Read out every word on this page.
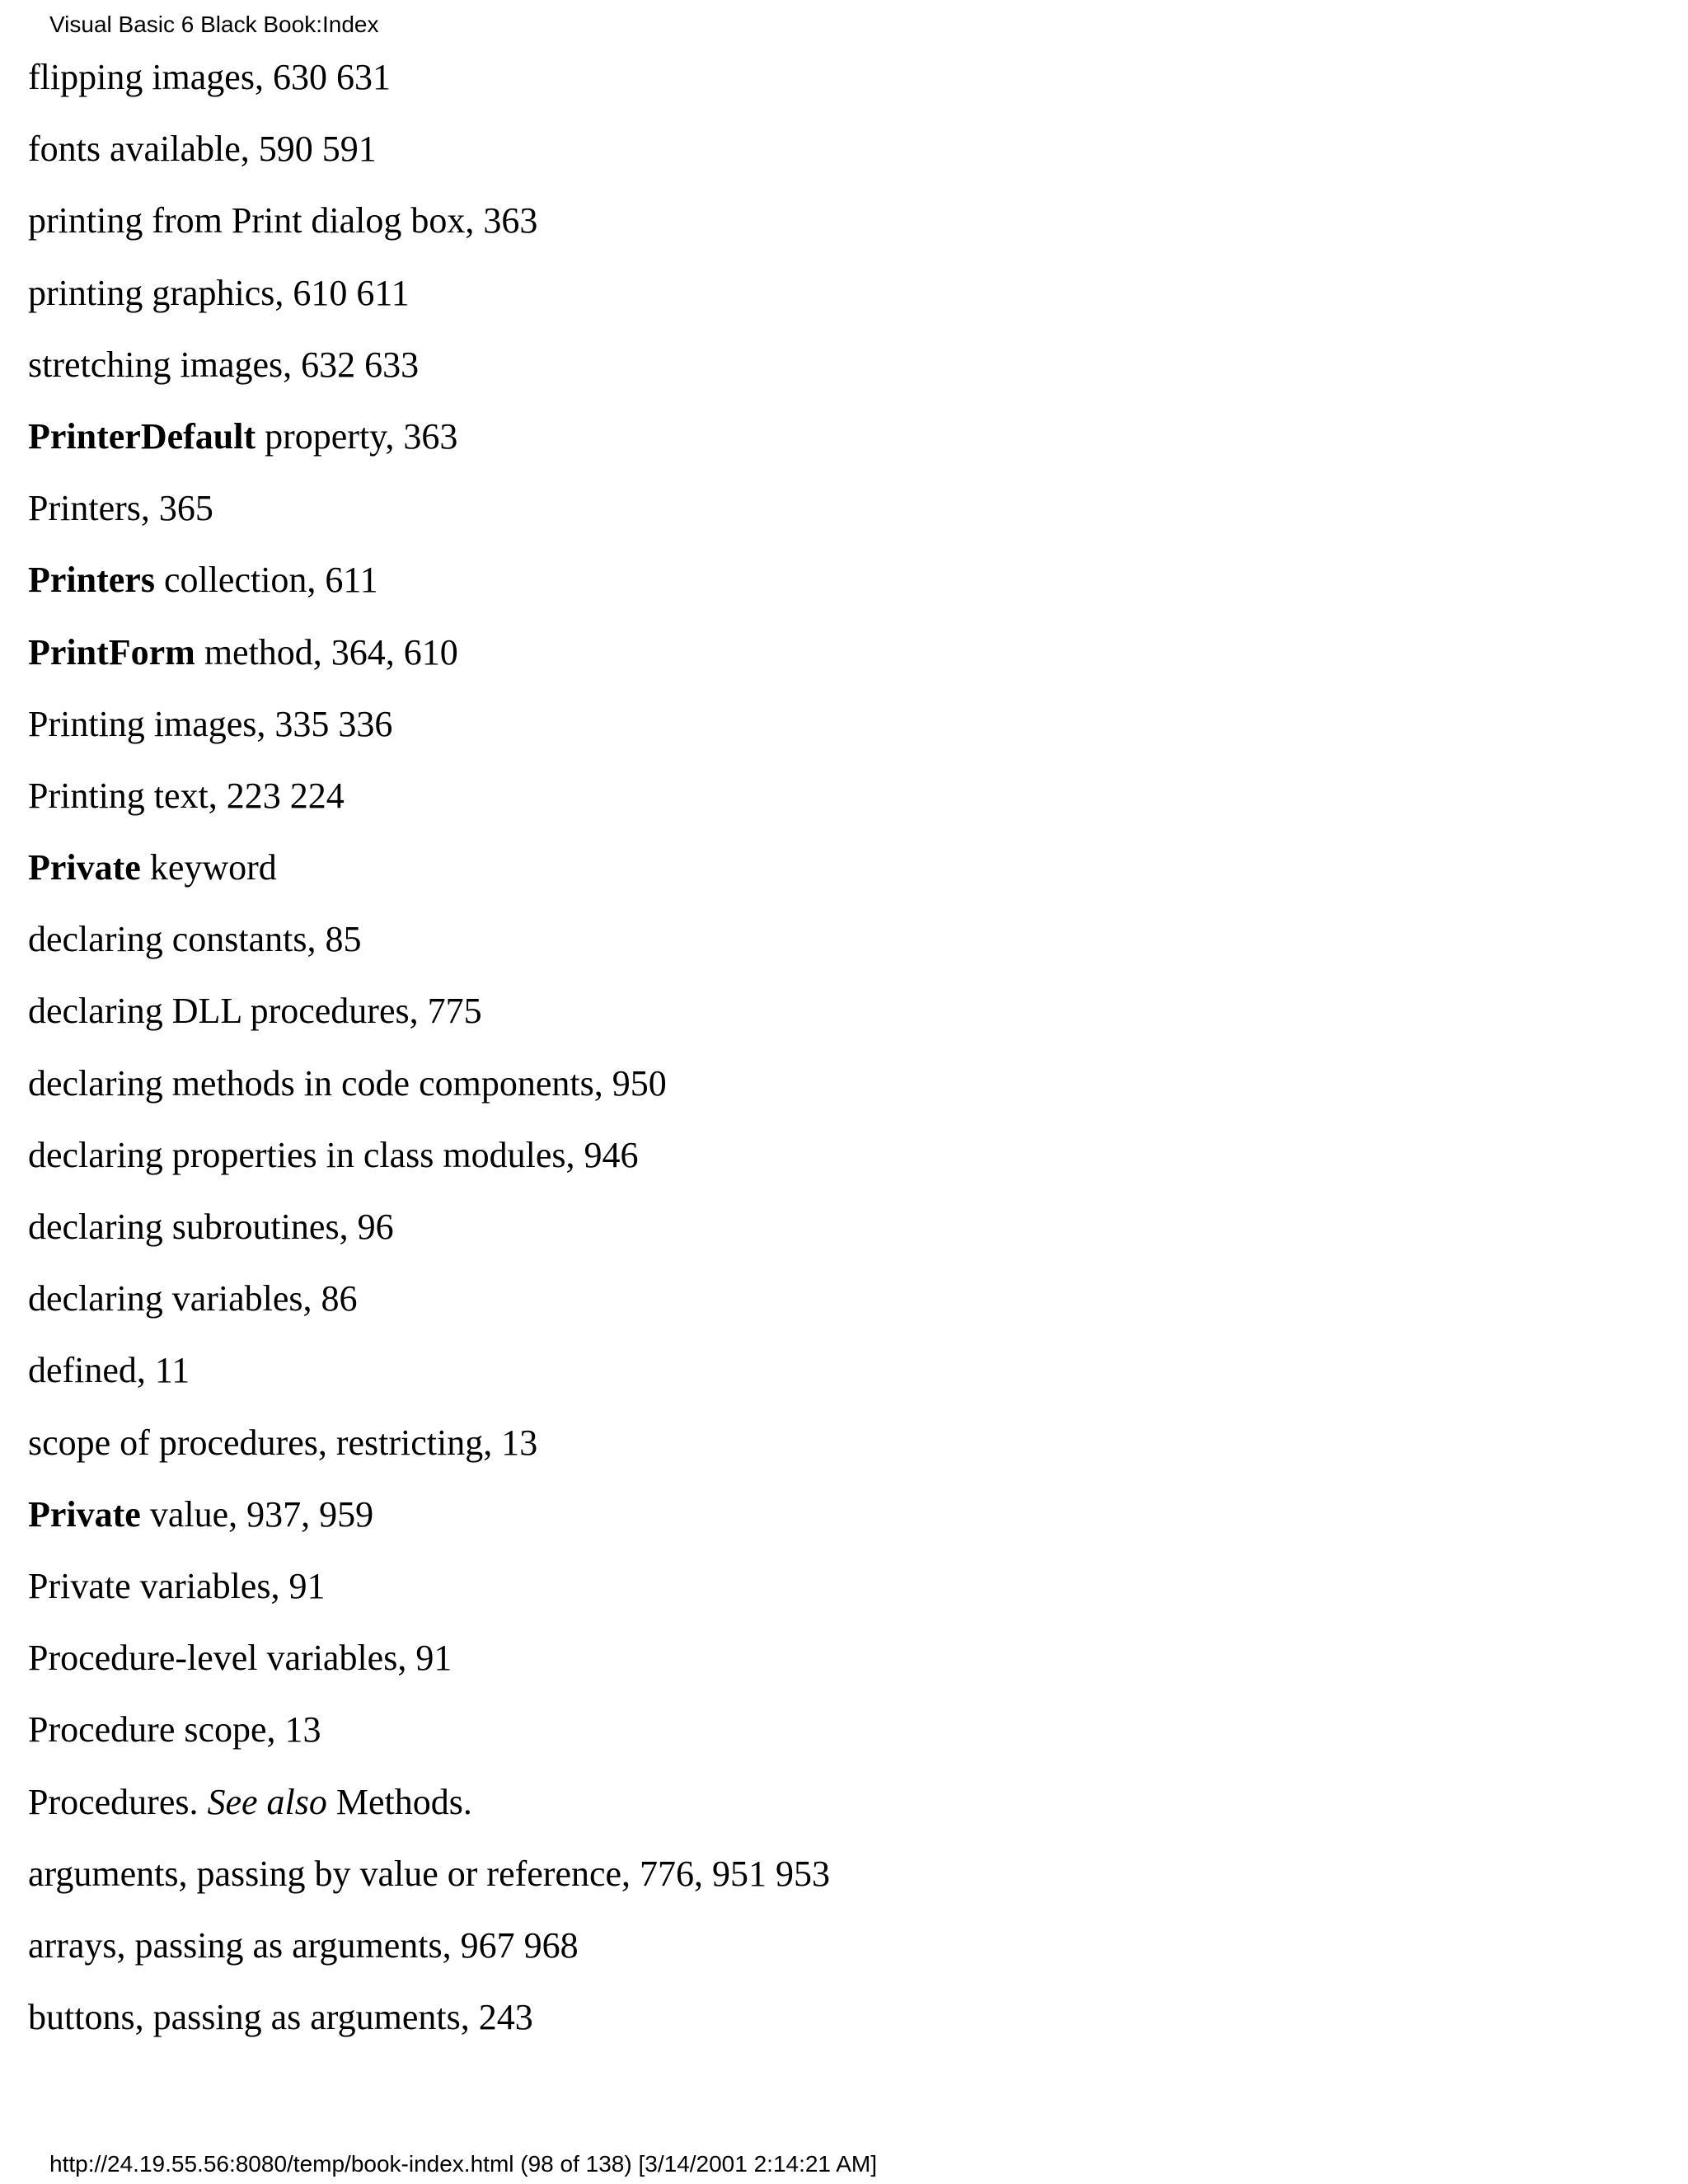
Visual Basic 6 Black Book:Index
flipping images, 630 631
fonts available, 590 591
printing from Print dialog box, 363
printing graphics, 610 611
stretching images, 632 633
PrinterDefault property, 363
Printers, 365
Printers collection, 611
PrintForm method, 364, 610
Printing images, 335 336
Printing text, 223 224
Private keyword
declaring constants, 85
declaring DLL procedures, 775
declaring methods in code components, 950
declaring properties in class modules, 946
declaring subroutines, 96
declaring variables, 86
defined, 11
scope of procedures, restricting, 13
Private value, 937, 959
Private variables, 91
Procedure-level variables, 91
Procedure scope, 13
Procedures. See also Methods.
arguments, passing by value or reference, 776, 951 953
arrays, passing as arguments, 967 968
buttons, passing as arguments, 243
http://24.19.55.56:8080/temp/book-index.html (98 of 138) [3/14/2001 2:14:21 AM]
